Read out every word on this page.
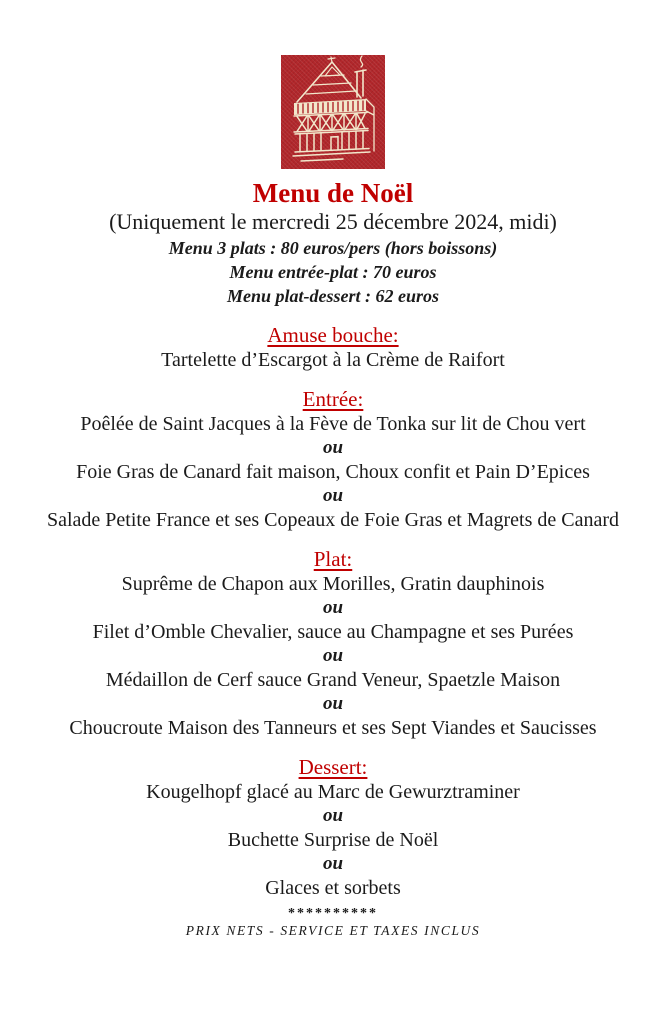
Menu de Noël
(Uniquement le mercredi 25 décembre 2024, midi)
Menu 3 plats : 80 euros/pers (hors boissons)
Menu entrée-plat : 70 euros
Menu plat-dessert : 62 euros
Amuse bouche:
Tartelette d’Escargot à la Crème de Raifort
Entrée:
Poêlée de Saint Jacques à la Fève de Tonka sur lit de Chou vert
ou
Foie Gras de Canard fait maison, Choux confit et Pain D’Epices
ou
Salade Petite France et ses Copeaux de Foie Gras et Magrets de Canard
Plat:
Suprême de Chapon aux Morilles, Gratin dauphinois
ou
Filet d’Omble Chevalier, sauce au Champagne et ses Purées
ou
Médaillon de Cerf sauce Grand Veneur, Spaetzle Maison
ou
Choucroute Maison des Tanneurs et ses Sept Viandes et Saucisses
Dessert:
Kougelhopf glacé au Marc de Gewurztraminer
ou
Buchette Surprise de Noël
ou
Glaces et sorbets
**********
PRIX NETS - SERVICE ET TAXES INCLUS
